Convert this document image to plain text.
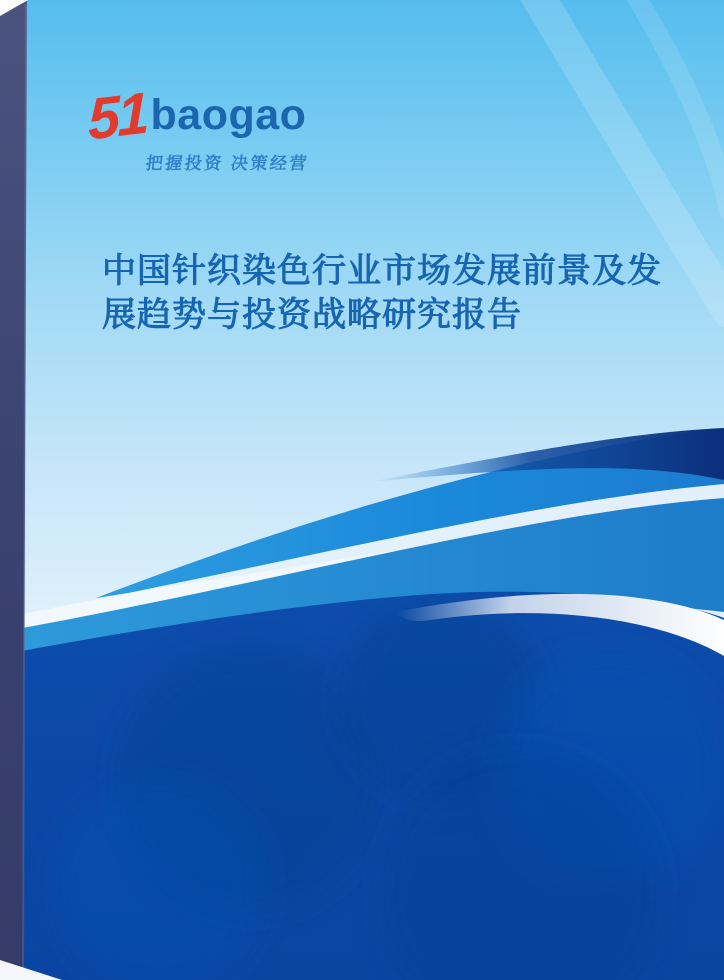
51 baogao
把握投资 决策经营
中国针织染色行业市场发展前景及发展趋势与投资战略研究报告
